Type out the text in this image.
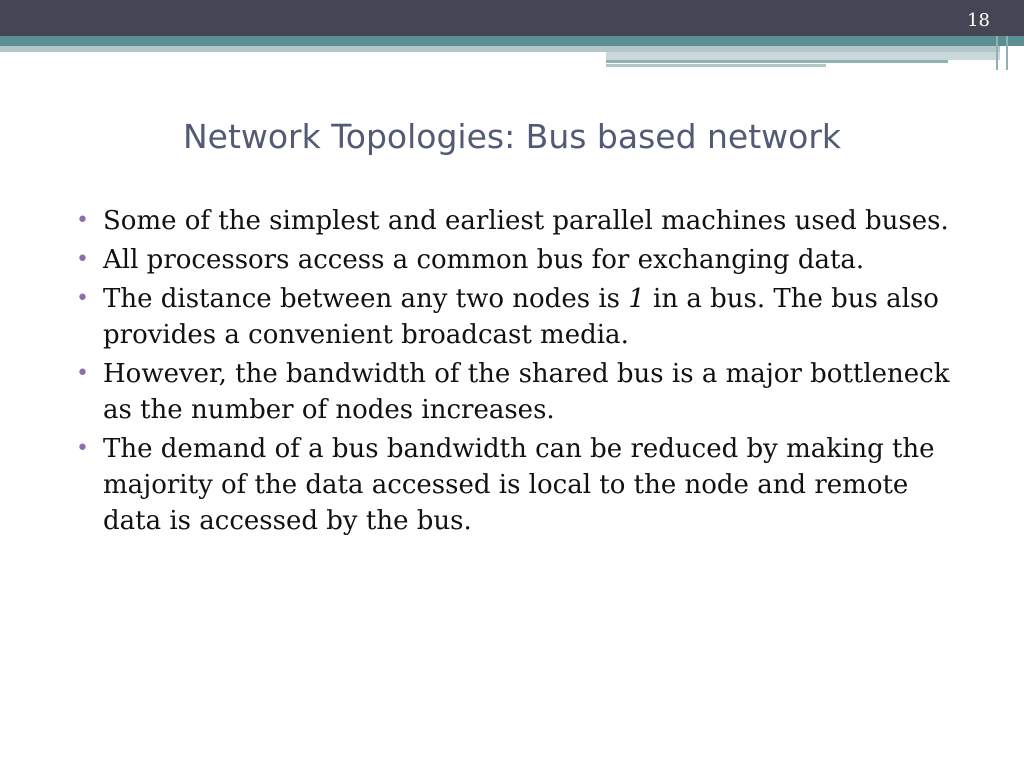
18
Network Topologies: Bus based network
• Some of the simplest and earliest parallel machines used buses.
• All processors access a common bus for exchanging data.
• The distance between any two nodes is 1 in a bus. The bus also provides a convenient broadcast media.
• However, the bandwidth of the shared bus is a major bottleneck as the number of nodes increases.
• The demand of a bus bandwidth can be reduced by making the majority of the data accessed is local to the node and remote data is accessed by the bus.
